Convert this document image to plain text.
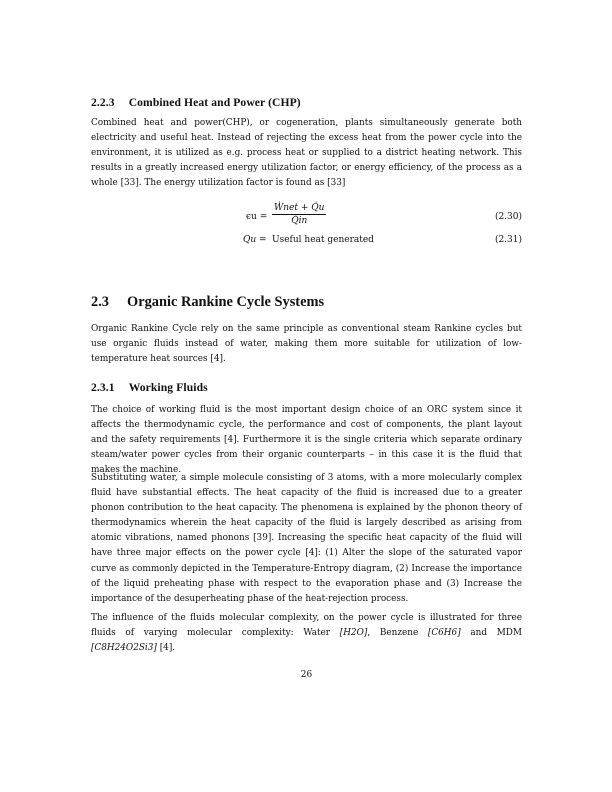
2.2.3 Combined Heat and Power (CHP)

Combined heat and power(CHP), or cogeneration, plants simultaneously generate both electricity and useful heat. Instead of rejecting the excess heat from the power cycle into the environment, it is utilized as e.g. process heat or supplied to a district heating network. This results in a greatly increased energy utilization factor, or energy efficiency, of the process as a whole [33]. The energy utilization factor is found as [33]

ϵu =
Ẇnet + Q̇u
Q̇in	(2.30)
Qu = Useful heat generated	(2.31)
2.3 Organic Rankine Cycle Systems

Organic Rankine Cycle rely on the same principle as conventional steam Rankine cycles but use organic fluids instead of water, making them more suitable for utilization of low-temperature heat sources [4].

2.3.1 Working Fluids

The choice of working fluid is the most important design choice of an ORC system since it affects the thermodynamic cycle, the performance and cost of components, the plant layout and the safety requirements [4]. Furthermore it is the single criteria which separate ordinary steam/water power cycles from their organic counterparts – in this case it is the fluid that makes the machine.

Substituting water, a simple molecule consisting of 3 atoms, with a more molecularly complex fluid have substantial effects. The heat capacity of the fluid is increased due to a greater phonon contribution to the heat capacity. The phenomena is explained by the phonon theory of thermodynamics wherein the heat capacity of the fluid is largely described as arising from atomic vibrations, named phonons [39]. Increasing the specific heat capacity of the fluid will have three major effects on the power cycle [4]: (1) Alter the slope of the saturated vapor curve as commonly depicted in the Temperature-Entropy diagram, (2) Increase the importance of the liquid preheating phase with respect to the evaporation phase and (3) Increase the importance of the desuperheating phase of the heat-rejection process.

The influence of the fluids molecular complexity, on the power cycle is illustrated for three fluids of varying molecular complexity: Water [H2O], Benzene [C6H6] and MDM [C8H24O2Si3] [4].

26
